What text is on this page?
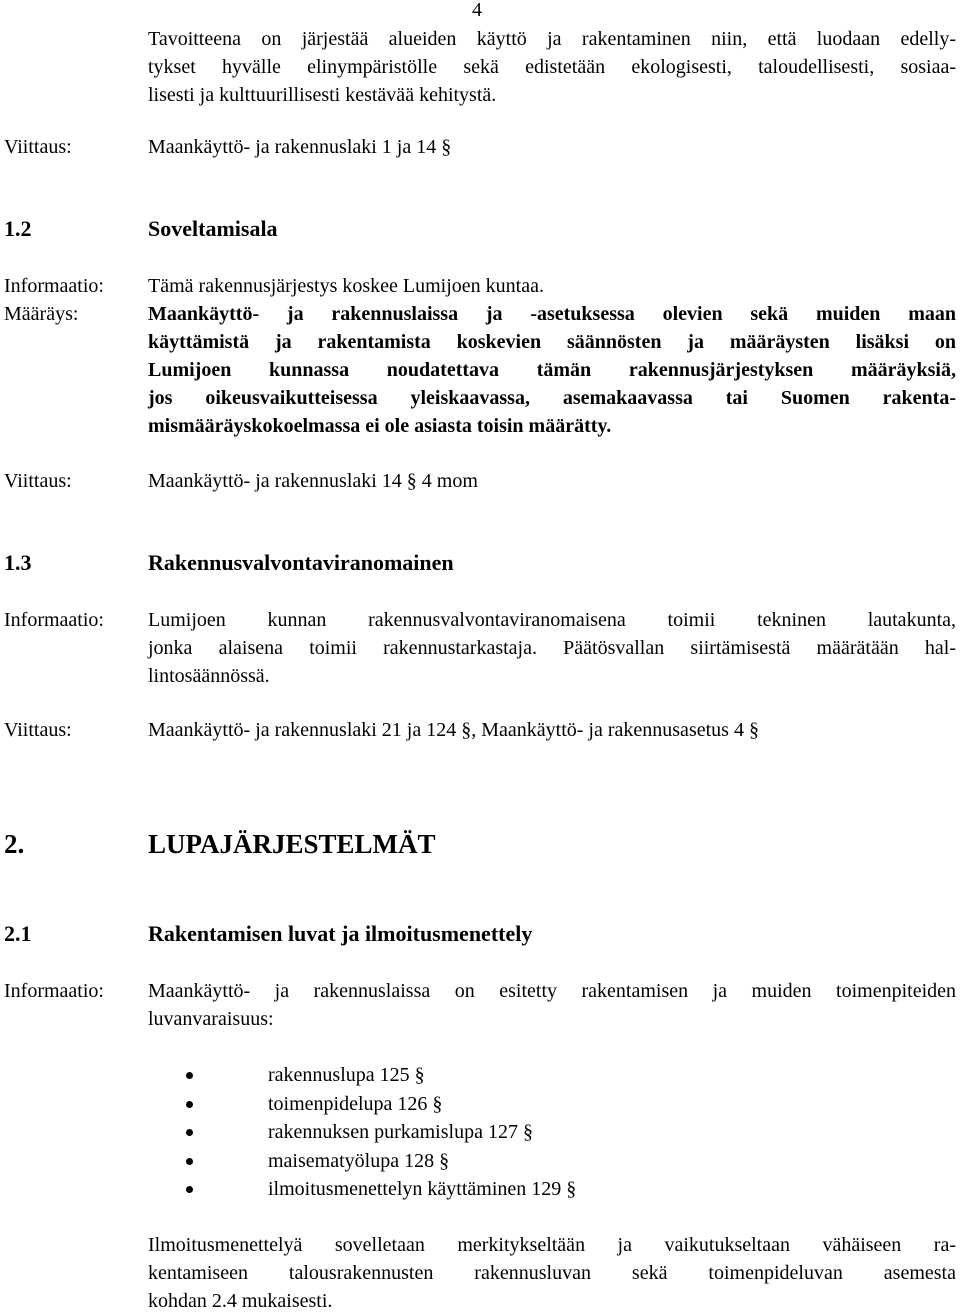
4
Tavoitteena on järjestää alueiden käyttö ja rakentaminen niin, että luodaan edelly-
tykset hyvälle elinympäristölle sekä edistetään ekologisesti, taloudellisesti, sosiaa-
lisesti ja kulttuurillisesti kestävää kehitystä.
Viittaus:	Maankäyttö- ja rakennuslaki 1 ja 14 §
1.2	Soveltamisala
Informaatio: Tämä rakennusjärjestys koskee Lumijoen kuntaa.
Määräys:	Maankäyttö- ja rakennuslaissa ja -asetuksessa olevien sekä muiden maan
käyttämistä ja rakentamista koskevien säännösten ja määräysten lisäksi on
Lumijoen kunnassa noudatettava tämän rakennusjärjestyksen määräyksiä,
jos oikeusvaikutteisessa yleiskaavassa, asemakaavassa tai Suomen rakenta-
mismääräyskokoelmassa ei ole asiasta toisin määrätty.
Viittaus:	Maankäyttö- ja rakennuslaki 14 § 4 mom
1.3	Rakennusvalvontaviranomainen
Informaatio: Lumijoen kunnan rakennusvalvontaviranomaisena toimii tekninen lautakunta,
jonka alaisena toimii rakennustarkastaja. Päätösvallan siirtämisestä määrätään hal-
lintosäännössä.
Viittaus:	Maankäyttö- ja rakennuslaki 21 ja 124 §, Maankäyttö- ja rakennusasetus 4 §
2.	LUPAJÄRJESTELMÄT
2.1	Rakentamisen luvat ja ilmoitusmenettely
Informaatio: Maankäyttö- ja rakennuslaissa on esitetty rakentamisen ja muiden toimenpiteiden
luvanvaraisuus:
rakennuslupa 125 §
toimenpidelupa 126 §
rakennuksen purkamislupa 127 §
maisematyölupa 128 §
ilmoitusmenettelyn käyttäminen 129 §
Ilmoitusmenettelyä sovelletaan merkitykseltään ja vaikutukseltaan vähäiseen ra-
kentamiseen talousrakennusten rakennusluvan sekä toimenpideluvan asemesta
kohdan 2.4 mukaisesti.
